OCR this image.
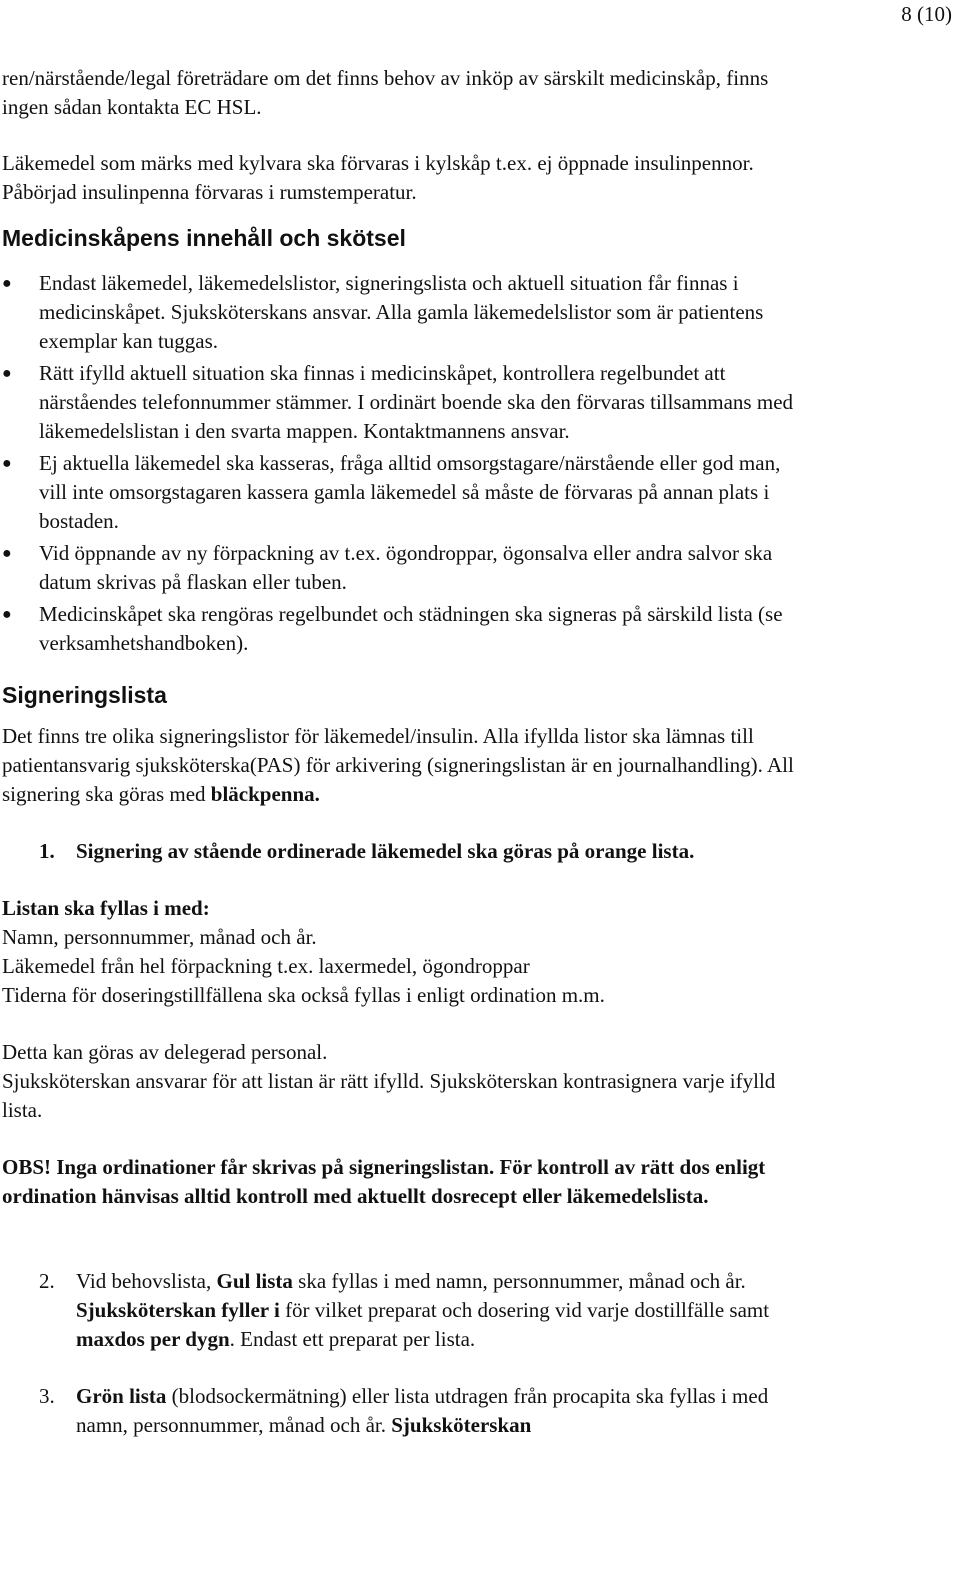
8 (10)

ren/närstående/legal företrädare om det finns behov av inköp av särskilt medicinskåp, finns ingen sådan kontakta EC HSL.

Läkemedel som märks med kylvara ska förvaras i kylskåp t.ex. ej öppnade insulinpennor. Påbörjad insulinpenna förvaras i rumstemperatur.

Medicinskåpens innehåll och skötsel
● Endast läkemedel, läkemedelslistor, signeringslista och aktuell situation får finnas i medicinskåpet. Sjuksköterskans ansvar. Alla gamla läkemedelslistor som är patientens exemplar kan tuggas.
● Rätt ifylld aktuell situation ska finnas i medicinskåpet, kontrollera regelbundet att närståendes telefonnummer stämmer. I ordinärt boende ska den förvaras tillsammans med läkemedelslistan i den svarta mappen. Kontaktmannens ansvar.
● Ej aktuella läkemedel ska kasseras, fråga alltid omsorgstagare/närstående eller god man, vill inte omsorgstagaren kassera gamla läkemedel så måste de förvaras på annan plats i bostaden.
● Vid öppnande av ny förpackning av t.ex. ögondroppar, ögonsalva eller andra salvor ska datum skrivas på flaskan eller tuben.
● Medicinskåpet ska rengöras regelbundet och städningen ska signeras på särskild lista (se verksamhetshandboken).
Signeringslista

Det finns tre olika signeringslistor för läkemedel/insulin. Alla ifyllda listor ska lämnas till patientansvarig sjuksköterska(PAS) för arkivering (signeringslistan är en journalhandling). All signering ska göras med bläckpenna.

1. Signering av stående ordinerade läkemedel ska göras på orange lista.

Listan ska fyllas i med:

Namn, personnummer, månad och år.

Läkemedel från hel förpackning t.ex. laxermedel, ögondroppar

Tiderna för doseringstillfällena ska också fyllas i enligt ordination m.m.

Detta kan göras av delegerad personal.

Sjuksköterskan ansvarar för att listan är rätt ifylld. Sjuksköterskan kontrasignera varje ifylld lista.

OBS! Inga ordinationer får skrivas på signeringslistan. För kontroll av rätt dos enligt ordination hänvisas alltid kontroll med aktuellt dosrecept eller läkemedelslista.

2. Vid behovslista, Gul lista ska fyllas i med namn, personnummer, månad och år. Sjuksköterskan fyller i för vilket preparat och dosering vid varje dostillfälle samt maxdos per dygn. Endast ett preparat per lista.

3. Grön lista (blodsockermätning) eller lista utdragen från procapita ska fyllas i med namn, personnummer, månad och år. Sjuksköterskan
